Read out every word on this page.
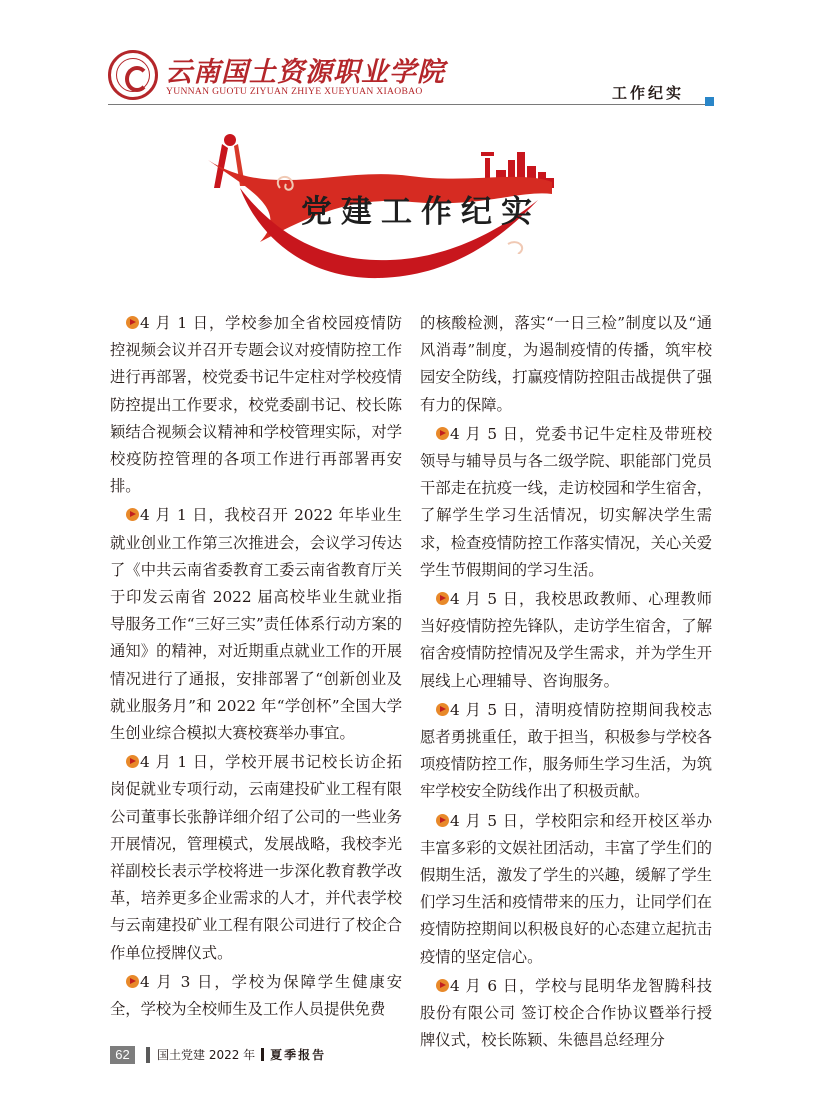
云南国土资源职业学院
YUNNAN GUOTU ZIYUAN ZHIYE XUEYUAN XIAOBAO	工作纪实
党建工作纪实

4 月 1 日，学校参加全省校园疫情防控视频会议并召开专题会议对疫情防控工作进行再部署，校党委书记牛定柱对学校疫情防控提出工作要求，校党委副书记、校长陈颖结合视频会议精神和学校管理实际，对学校疫防控管理的各项工作进行再部署再安排。

4 月 1 日，我校召开 2022 年毕业生就业创业工作第三次推进会，会议学习传达了《中共云南省委教育工委云南省教育厅关于印发云南省 2022 届高校毕业生就业指导服务工作“三好三实”责任体系行动方案的通知》的精神，对近期重点就业工作的开展情况进行了通报，安排部署了“创新创业及就业服务月”和 2022 年“学创杯”全国大学生创业综合模拟大赛校赛举办事宜。

4 月 1 日，学校开展书记校长访企拓岗促就业专项行动，云南建投矿业工程有限公司董事长张静详细介绍了公司的一些业务开展情况，管理模式，发展战略，我校李光祥副校长表示学校将进一步深化教育教学改革，培养更多企业需求的人才，并代表学校与云南建投矿业工程有限公司进行了校企合作单位授牌仪式。

4 月 3 日，学校为保障学生健康安全，学校为全校师生及工作人员提供免费

的核酸检测，落实“一日三检”制度以及“通风消毒”制度，为遏制疫情的传播，筑牢校园安全防线，打赢疫情防控阻击战提供了强有力的保障。

4 月 5 日，党委书记牛定柱及带班校领导与辅导员与各二级学院、职能部门党员干部走在抗疫一线，走访校园和学生宿舍，了解学生学习生活情况，切实解决学生需求，检查疫情防控工作落实情况，关心关爱学生节假期间的学习生活。

4 月 5 日，我校思政教师、心理教师当好疫情防控先锋队，走访学生宿舍，了解宿舍疫情防控情况及学生需求，并为学生开展线上心理辅导、咨询服务。

4 月 5 日，清明疫情防控期间我校志愿者勇挑重任，敢于担当，积极参与学校各项疫情防控工作，服务师生学习生活，为筑牢学校安全防线作出了积极贡献。

4 月 5 日，学校阳宗和经开校区举办丰富多彩的文娱社团活动，丰富了学生们的假期生活，激发了学生的兴趣，缓解了学生们学习生活和疫情带来的压力，让同学们在疫情防控期间以积极良好的心态建立起抗击疫情的坚定信心。

4 月 6 日，学校与昆明华龙智腾科技股份有限公司 签订校企合作协议暨举行授牌仪式，校长陈颖、朱德昌总经理分

62	国土党建 2022 年 夏季报告
